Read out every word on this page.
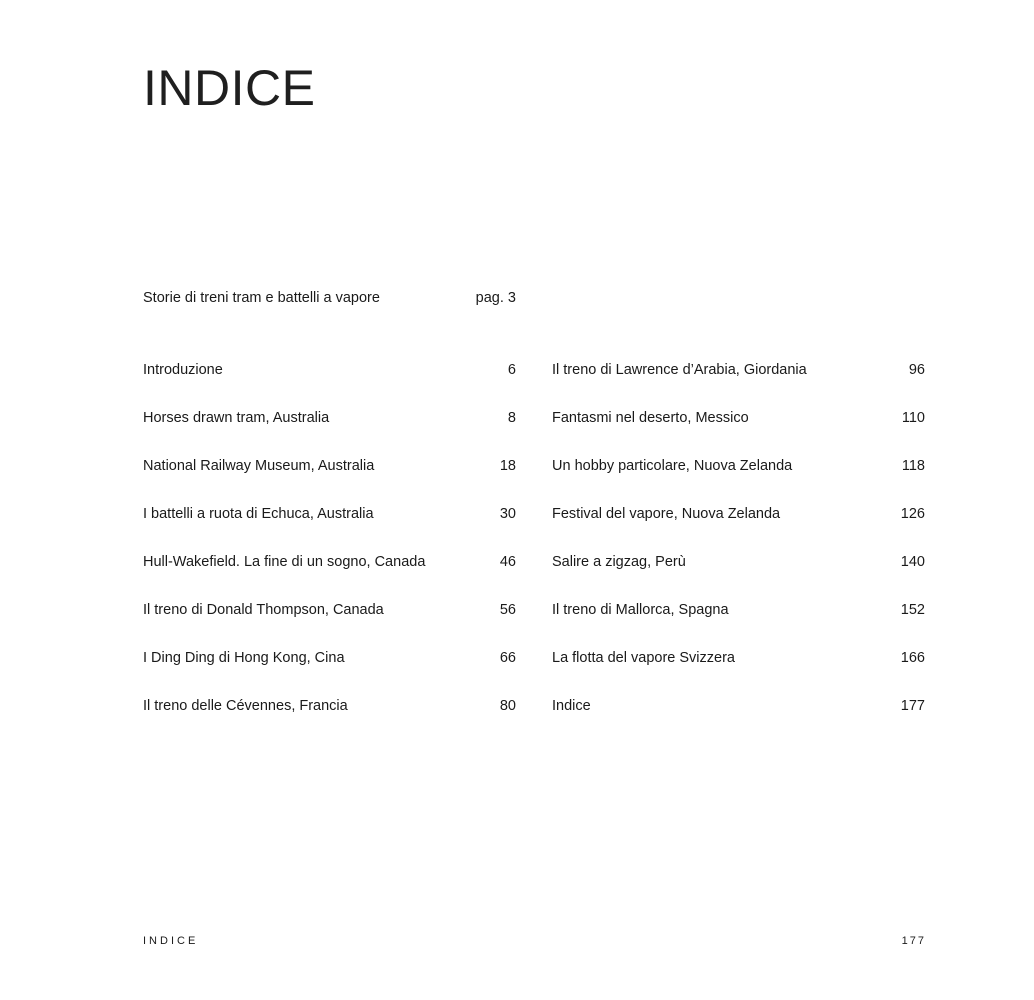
INDICE
Storie di treni tram e battelli a vapore	pag. 3
Introduzione	6
Horses drawn tram, Australia	8
National Railway Museum, Australia	18
I battelli a ruota di Echuca, Australia	30
Hull-Wakefield. La fine di un sogno, Canada	46
Il treno di Donald Thompson, Canada	56
I Ding Ding di Hong Kong, Cina	66
Il treno delle Cévennes, Francia	80
Il treno di Lawrence d’Arabia, Giordania	96
Fantasmi nel deserto, Messico	110
Un hobby particolare, Nuova Zelanda	118
Festival del vapore, Nuova Zelanda	126
Salire a zigzag, Perù	140
Il treno di Mallorca, Spagna	152
La flotta del vapore Svizzera	166
Indice	177
INDICE	177
